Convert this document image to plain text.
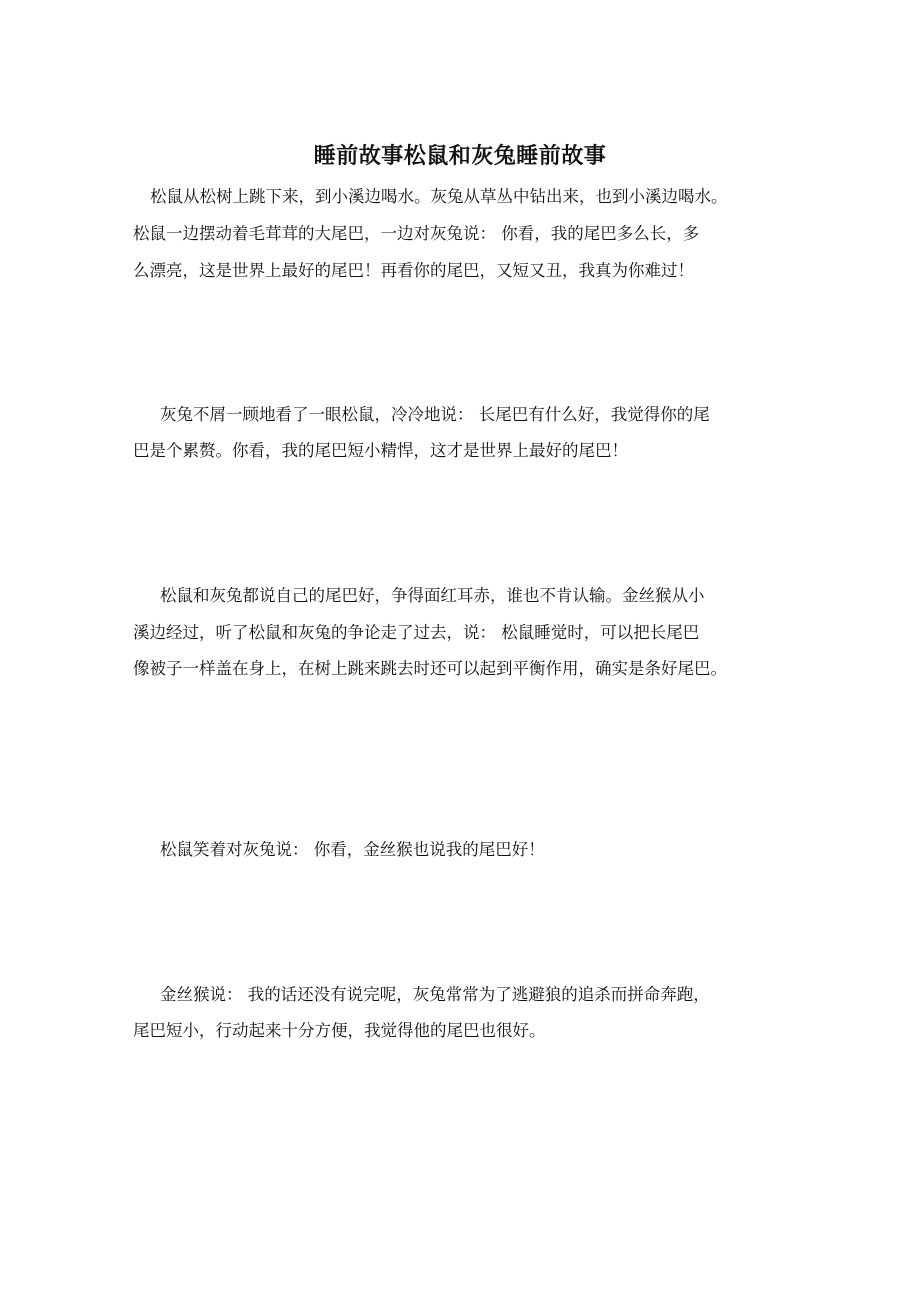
睡前故事松鼠和灰兔睡前故事
松鼠从松树上跳下来，到小溪边喝水。灰兔从草丛中钻出来，也到小溪边喝水。
松鼠一边摆动着毛茸茸的大尾巴，一边对灰兔说： 你看，我的尾巴多么长，多
么漂亮，这是世界上最好的尾巴！再看你的尾巴，又短又丑，我真为你难过！
灰兔不屑一顾地看了一眼松鼠，冷冷地说： 长尾巴有什么好，我觉得你的尾
巴是个累赘。你看，我的尾巴短小精悍，这才是世界上最好的尾巴！
松鼠和灰兔都说自己的尾巴好，争得面红耳赤，谁也不肯认输。金丝猴从小
溪边经过，听了松鼠和灰兔的争论走了过去，说： 松鼠睡觉时，可以把长尾巴
像被子一样盖在身上，在树上跳来跳去时还可以起到平衡作用，确实是条好尾巴。
松鼠笑着对灰兔说： 你看，金丝猴也说我的尾巴好！
金丝猴说： 我的话还没有说完呢，灰兔常常为了逃避狼的追杀而拼命奔跑，
尾巴短小，行动起来十分方便，我觉得他的尾巴也很好。
